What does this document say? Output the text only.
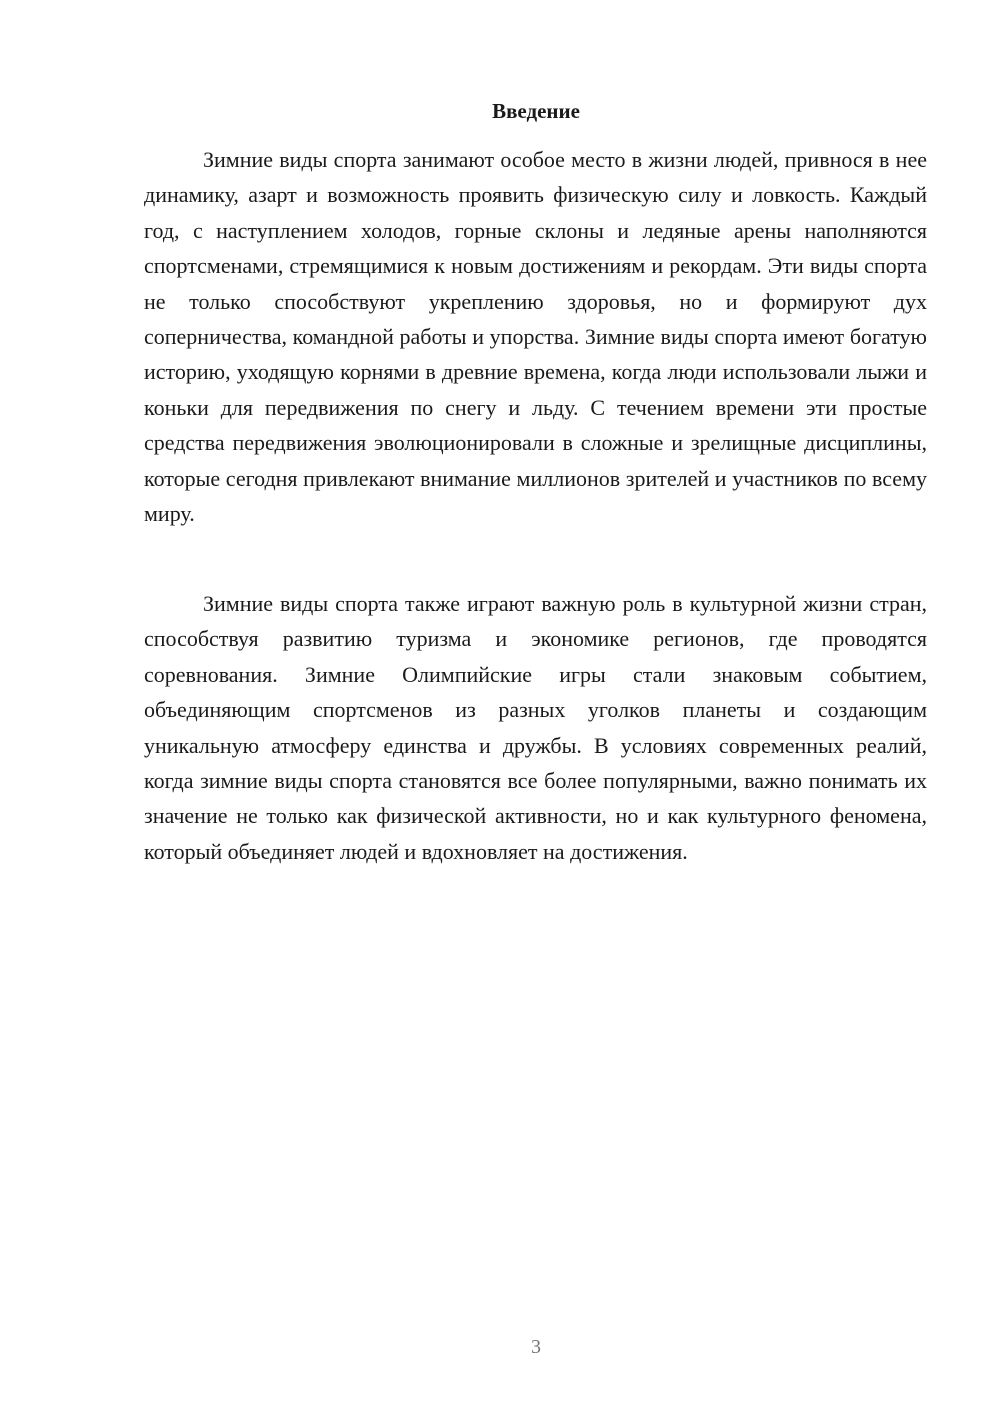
Введение

Зимние виды спорта занимают особое место в жизни людей, привнося в нее динамику, азарт и возможность проявить физическую силу и ловкость. Каждый год, с наступлением холодов, горные склоны и ледяные арены наполняются спортсменами, стремящимися к новым достижениям и рекордам. Эти виды спорта не только способствуют укреплению здоровья, но и формируют дух соперничества, командной работы и упорства. Зимние виды спорта имеют богатую историю, уходящую корнями в древние времена, когда люди использовали лыжи и коньки для передвижения по снегу и льду. С течением времени эти простые средства передвижения эволюционировали в сложные и зрелищные дисциплины, которые сегодня привлекают внимание миллионов зрителей и участников по всему миру.

Зимние виды спорта также играют важную роль в культурной жизни стран, способствуя развитию туризма и экономике регионов, где проводятся соревнования. Зимние Олимпийские игры стали знаковым событием, объединяющим спортсменов из разных уголков планеты и создающим уникальную атмосферу единства и дружбы. В условиях современных реалий, когда зимние виды спорта становятся все более популярными, важно понимать их значение не только как физической активности, но и как культурного феномена, который объединяет людей и вдохновляет на достижения.

3
